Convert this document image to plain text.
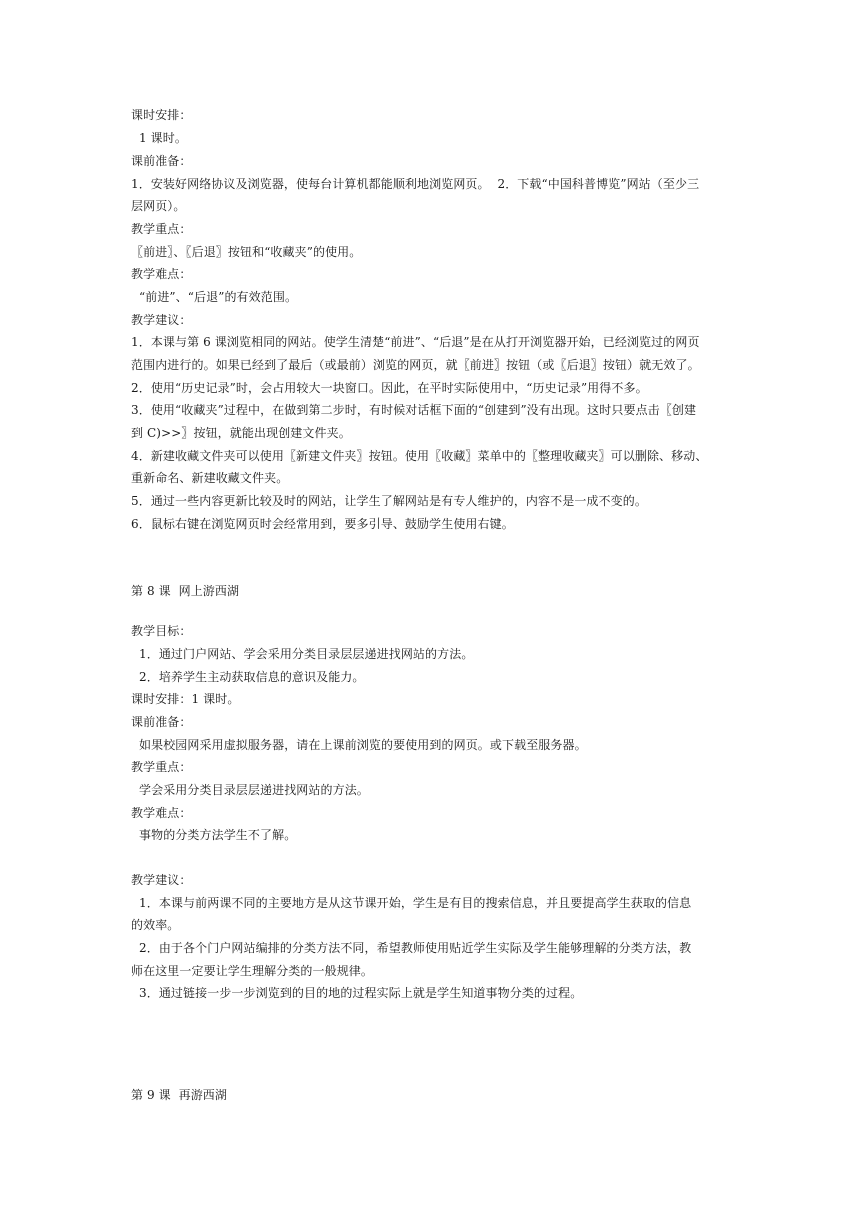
课时安排：
1 课时。
课前准备：
1．安装好网络协议及浏览器，使每台计算机都能顺利地浏览网页。  2．下载“中国科普博览”网站（至少三
层网页）。
教学重点：
〖前进〗、〖后退〗按钮和“收藏夹”的使用。
教学难点：
“前进”、“后退”的有效范围。
教学建议：
1．本课与第 6 课浏览相同的网站。使学生清楚“前进”、“后退”是在从打开浏览器开始，已经浏览过的网页
范围内进行的。如果已经到了最后（或最前）浏览的网页，就〖前进〗按钮（或〖后退〗按钮）就无效了。
2．使用“历史记录”时，会占用较大一块窗口。因此，在平时实际使用中，“历史记录”用得不多。
3．使用“收藏夹”过程中，在做到第二步时，有时候对话框下面的“创建到”没有出现。这时只要点击〖创建
到 C)>>〗按钮，就能出现创建文件夹。
4．新建收藏文件夹可以使用〖新建文件夹〗按钮。使用〖收藏〗菜单中的〖整理收藏夹〗可以删除、移动、
重新命名、新建收藏文件夹。
5．通过一些内容更新比较及时的网站，让学生了解网站是有专人维护的，内容不是一成不变的。
6．鼠标右键在浏览网页时会经常用到，要多引导、鼓励学生使用右键。
第 8 课  网上游西湖
教学目标：
1．通过门户网站、学会采用分类目录层层递进找网站的方法。
2．培养学生主动获取信息的意识及能力。
课时安排：1 课时。
课前准备：
如果校园网采用虚拟服务器，请在上课前浏览的要使用到的网页。或下载至服务器。
教学重点：
学会采用分类目录层层递进找网站的方法。
教学难点：
事物的分类方法学生不了解。
教学建议：
1．本课与前两课不同的主要地方是从这节课开始，学生是有目的搜索信息，并且要提高学生获取的信息
的效率。
2．由于各个门户网站编排的分类方法不同，希望教师使用贴近学生实际及学生能够理解的分类方法，教
师在这里一定要让学生理解分类的一般规律。
3．通过链接一步一步浏览到的目的地的过程实际上就是学生知道事物分类的过程。
第 9 课  再游西湖
